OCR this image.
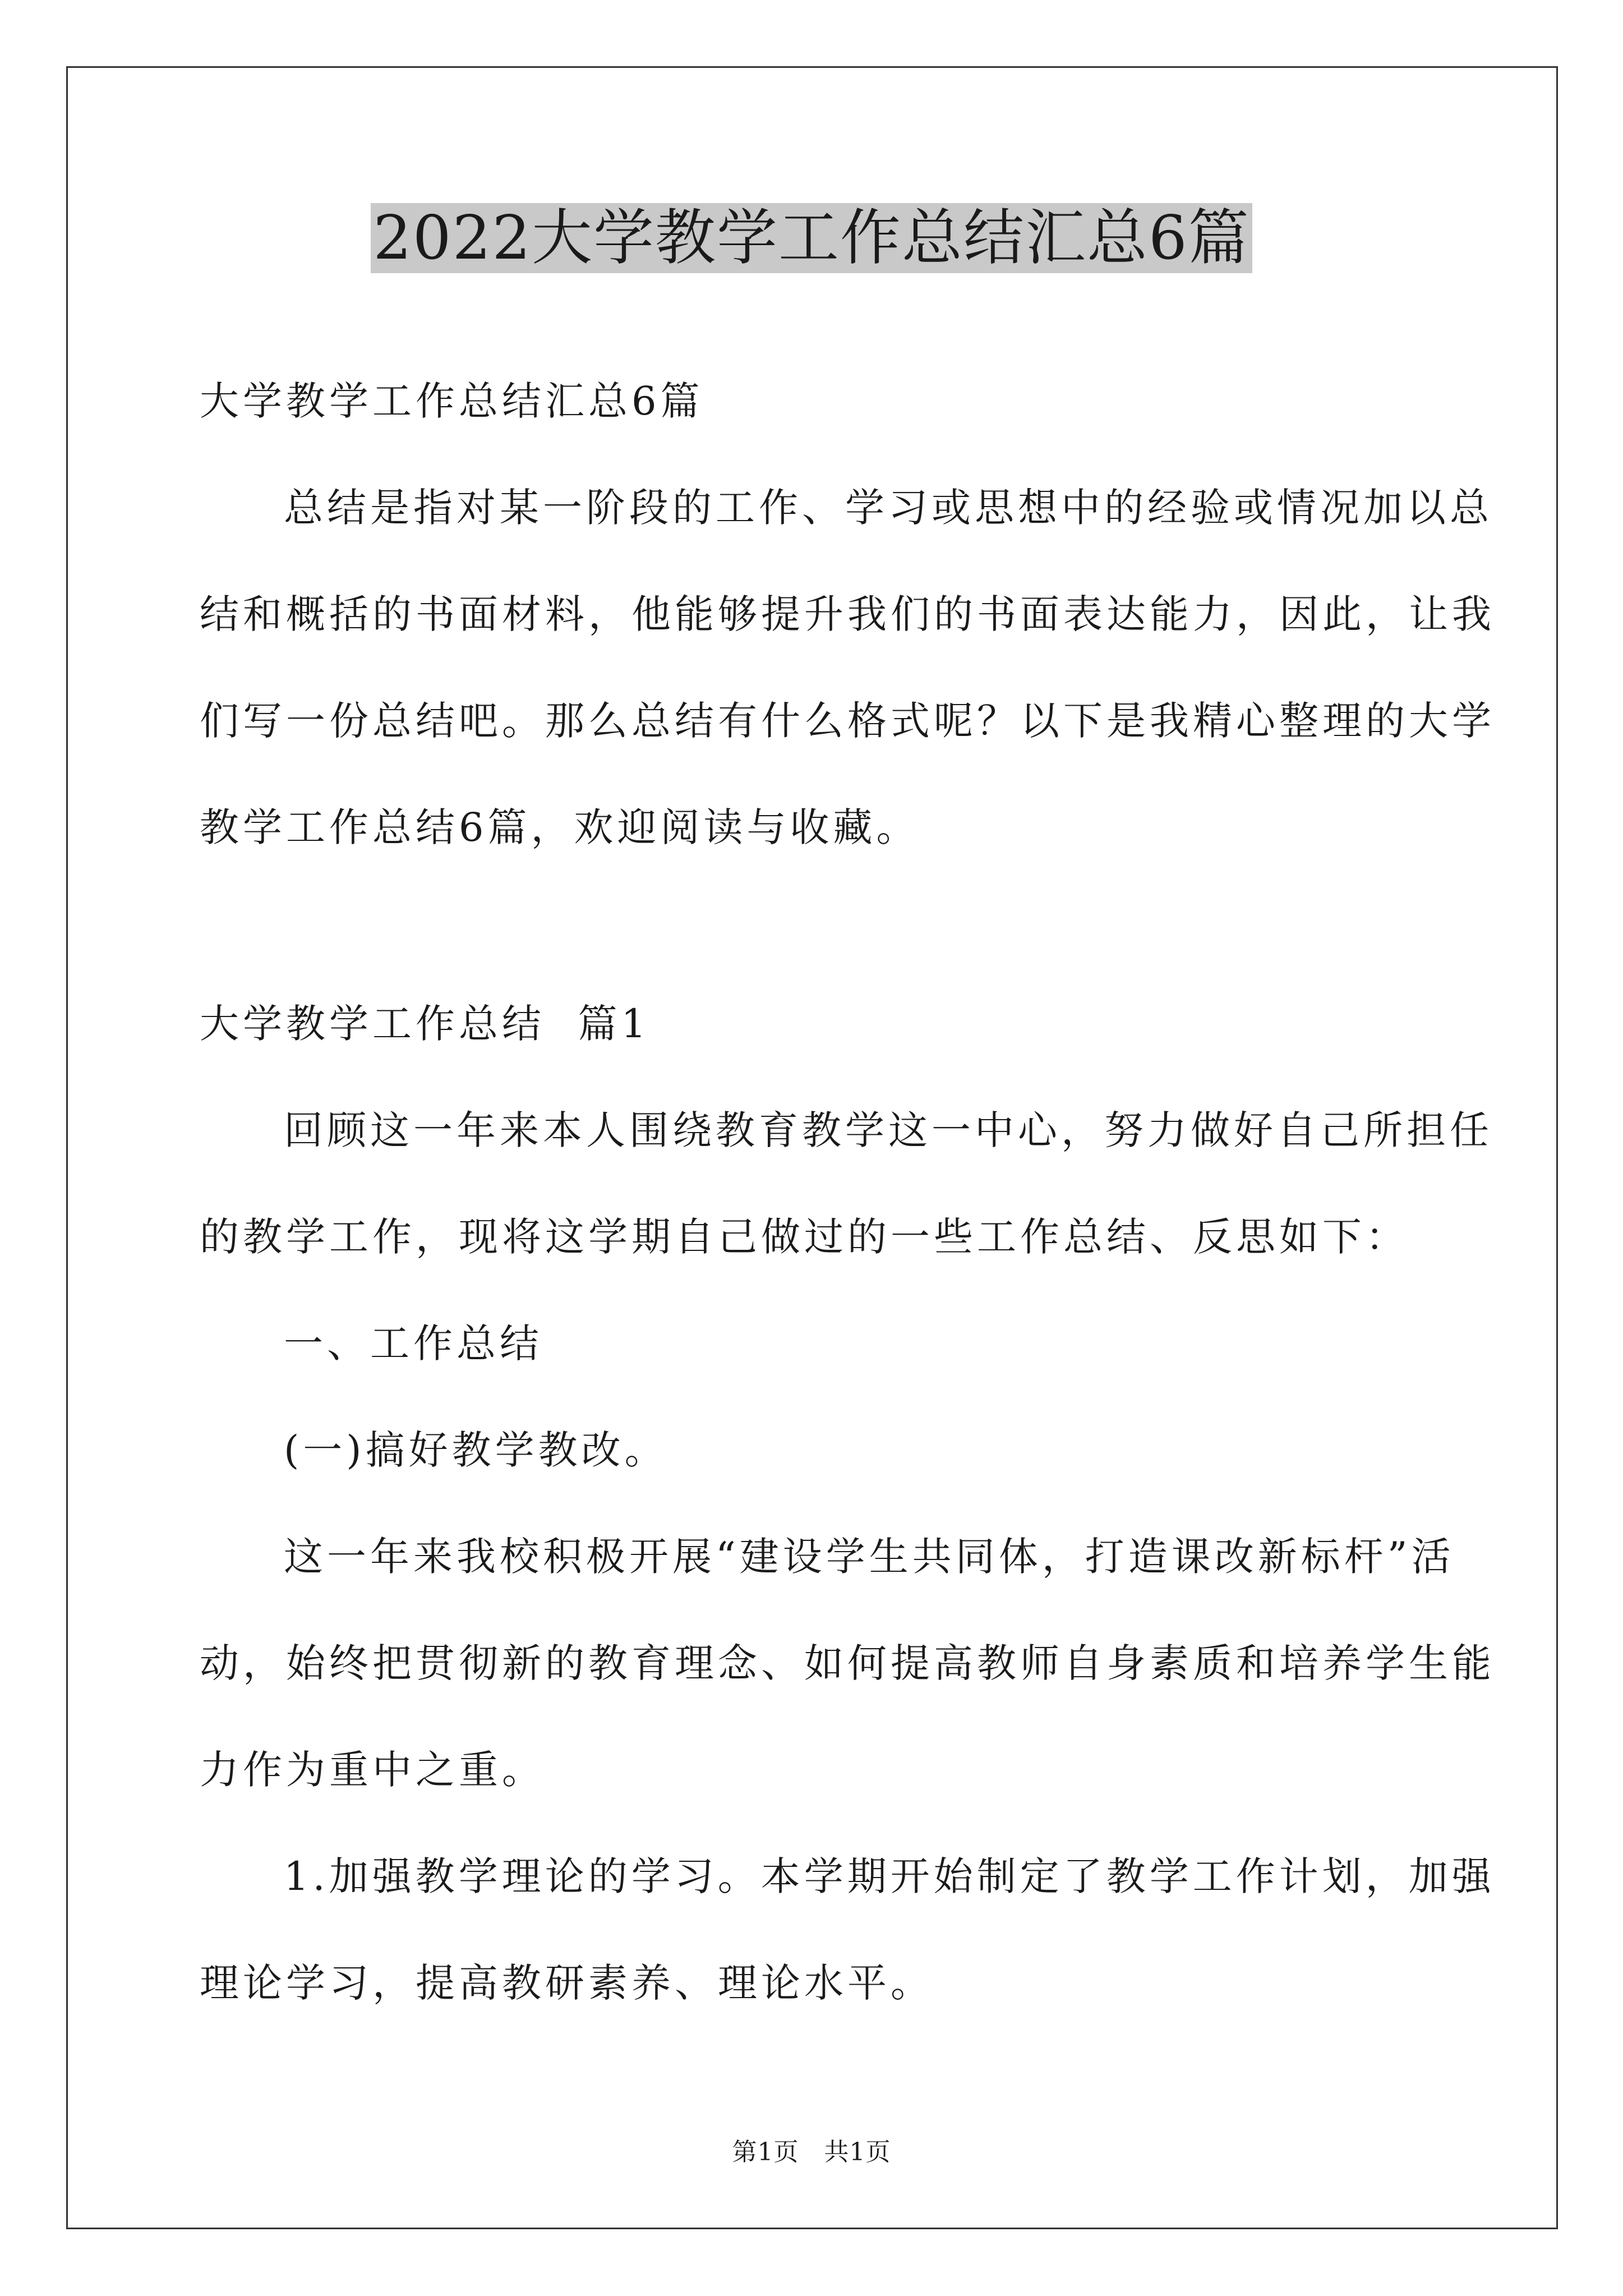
2022大学教学工作总结汇总6篇
大学教学工作总结汇总6篇
总结是指对某一阶段的工作、学习或思想中的经验或情况加以总
结和概括的书面材料，他能够提升我们的书面表达能力，因此，让我
们写一份总结吧。那么总结有什么格式呢？以下是我精心整理的大学
教学工作总结6篇，欢迎阅读与收藏。
大学教学工作总结  篇1
回顾这一年来本人围绕教育教学这一中心，努力做好自己所担任
的教学工作，现将这学期自己做过的一些工作总结、反思如下：
一、工作总结
(一)搞好教学教改。
这一年来我校积极开展“建设学生共同体，打造课改新标杆”活
动，始终把贯彻新的教育理念、如何提高教师自身素质和培养学生能
力作为重中之重。
1.加强教学理论的学习。本学期开始制定了教学工作计划，加强
理论学习，提高教研素养、理论水平。
第1页   共1页
